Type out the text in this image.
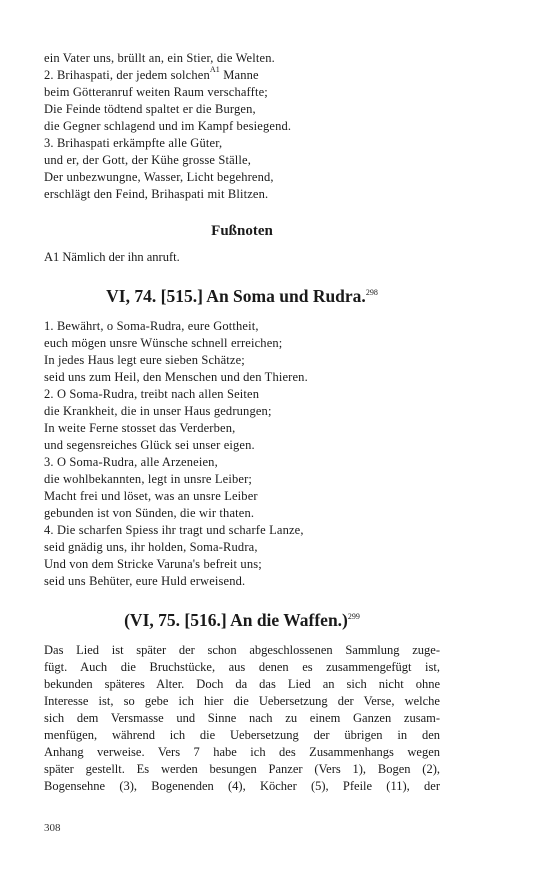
ein Vater uns, brüllt an, ein Stier, die Welten.
2. Brihaspati, der jedem solchen$^{A1}$ Manne
beim Götteranruf weiten Raum verschaffte;
Die Feinde tödtend spaltet er die Burgen,
die Gegner schlagend und im Kampf besiegend.
3. Brihaspati erkämpfte alle Güter,
und er, der Gott, der Kühe grosse Ställe,
Der unbezwungne, Wasser, Licht begehrend,
erschlägt den Feind, Brihaspati mit Blitzen.
Fußnoten
A1 Nämlich der ihn anruft.
VI, 74. [515.] An Soma und Rudra.$^{298}$
1. Bewährt, o Soma-Rudra, eure Gottheit,
euch mögen unsre Wünsche schnell erreichen;
In jedes Haus legt eure sieben Schätze;
seid uns zum Heil, den Menschen und den Thieren.
2. O Soma-Rudra, treibt nach allen Seiten
die Krankheit, die in unser Haus gedrungen;
In weite Ferne stosset das Verderben,
und segensreiches Glück sei unser eigen.
3. O Soma-Rudra, alle Arzeneien,
die wohlbekannten, legt in unsre Leiber;
Macht frei und löset, was an unsre Leiber
gebunden ist von Sünden, die wir thaten.
4. Die scharfen Spiess ihr tragt und scharfe Lanze,
seid gnädig uns, ihr holden, Soma-Rudra,
Und von dem Stricke Varuna's befreit uns;
seid uns Behüter, eure Huld erweisend.
(VI, 75. [516.] An die Waffen.)$^{299}$
Das Lied ist später der schon abgeschlossenen Sammlung zuge-
fügt. Auch die Bruchstücke, aus denen es zusammengefügt ist,
bekunden späteres Alter. Doch da das Lied an sich nicht ohne
Interesse ist, so gebe ich hier die Uebersetzung der Verse, welche
sich dem Versmasse und Sinne nach zu einem Ganzen zusam-
menfügen, während ich die Uebersetzung der übrigen in den
Anhang verweise. Vers 7 habe ich des Zusammenhangs wegen
später gestellt. Es werden besungen Panzer (Vers 1), Bogen (2),
Bogensehne (3), Bogenenden (4), Köcher (5), Pfeile (11), der
308
